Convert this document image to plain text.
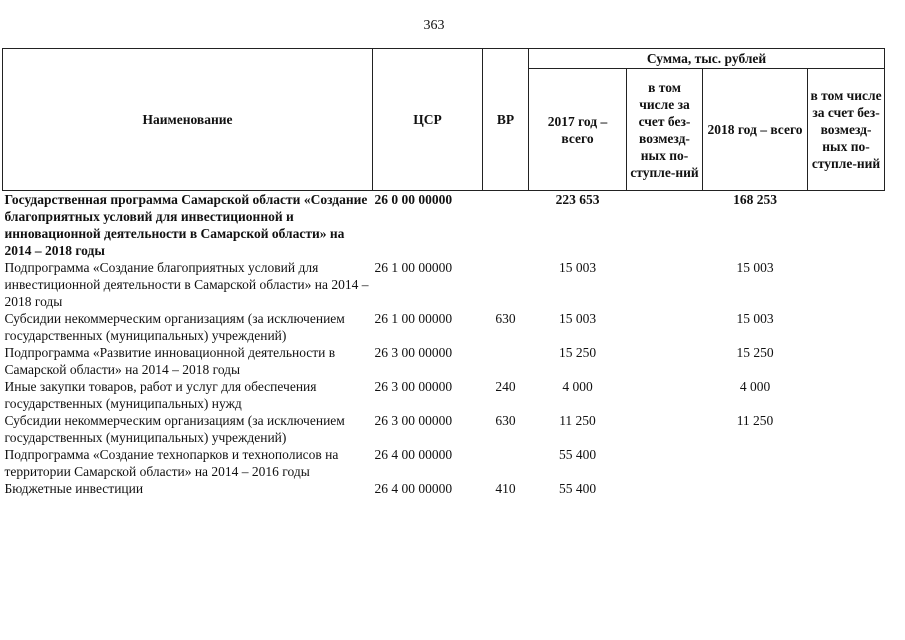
363
Наименование	ЦСР	ВР	Сумма, тыс. рублей			
			2017 год – всего	в том числе за счет без-возмезд-ных по-ступле-ний	2018 год – всего	в том числе за счет без-возмезд-ных по-ступле-ний
Государственная программа Самарской области «Создание благоприятных условий для инвестиционной и инновационной деятельности в Самарской области» на 2014 – 2018 годы	26 0 00 00000		223 653		168 253	
Подпрограмма «Создание благоприятных условий для инвестиционной деятельности в Самарской области» на 2014 – 2018 годы	26 1 00 00000		15 003		15 003	
Субсидии некоммерческим организациям (за исключением государственных (муниципальных) учреждений)	26 1 00 00000	630	15 003		15 003	
Подпрограмма «Развитие инновационной деятельности в Самарской области» на 2014 – 2018 годы	26 3 00 00000		15 250		15 250	
Иные закупки товаров, работ и услуг для обеспечения государственных (муниципальных) нужд	26 3 00 00000	240	4 000		4 000	
Субсидии некоммерческим организациям (за исключением государственных (муниципальных) учреждений)	26 3 00 00000	630	11 250		11 250	
Подпрограмма «Создание технопарков и технополисов на территории Самарской области» на 2014 – 2016 годы	26 4 00 00000		55 400			
Бюджетные инвестиции	26 4 00 00000	410	55 400			
